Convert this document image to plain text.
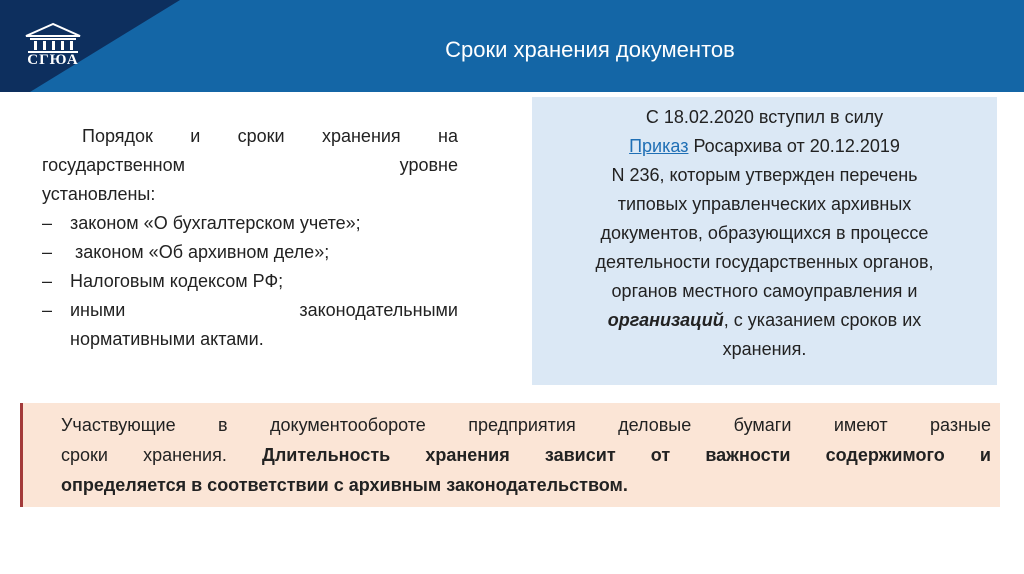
СГЮА	Сроки хранения документов
Порядок и сроки хранения на
государственном уровне
установлены:
– законом «О бухгалтерском учете»;
– законом «Об архивном деле»;
– Налоговым кодексом РФ;
– иными законодательными
нормативными актами.
С 18.02.2020 вступил в силу
Приказ Росархива от 20.12.2019
N 236, которым утвержден перечень
типовых управленческих архивных
документов, образующихся в процессе
деятельности государственных органов,
органов местного самоуправления и
организаций, с указанием сроков их
хранения.
Участвующие в документообороте предприятия деловые бумаги имеют разные
сроки хранения. Длительность хранения зависит от важности содержимого и
определяется в соответствии с архивным законодательством.
